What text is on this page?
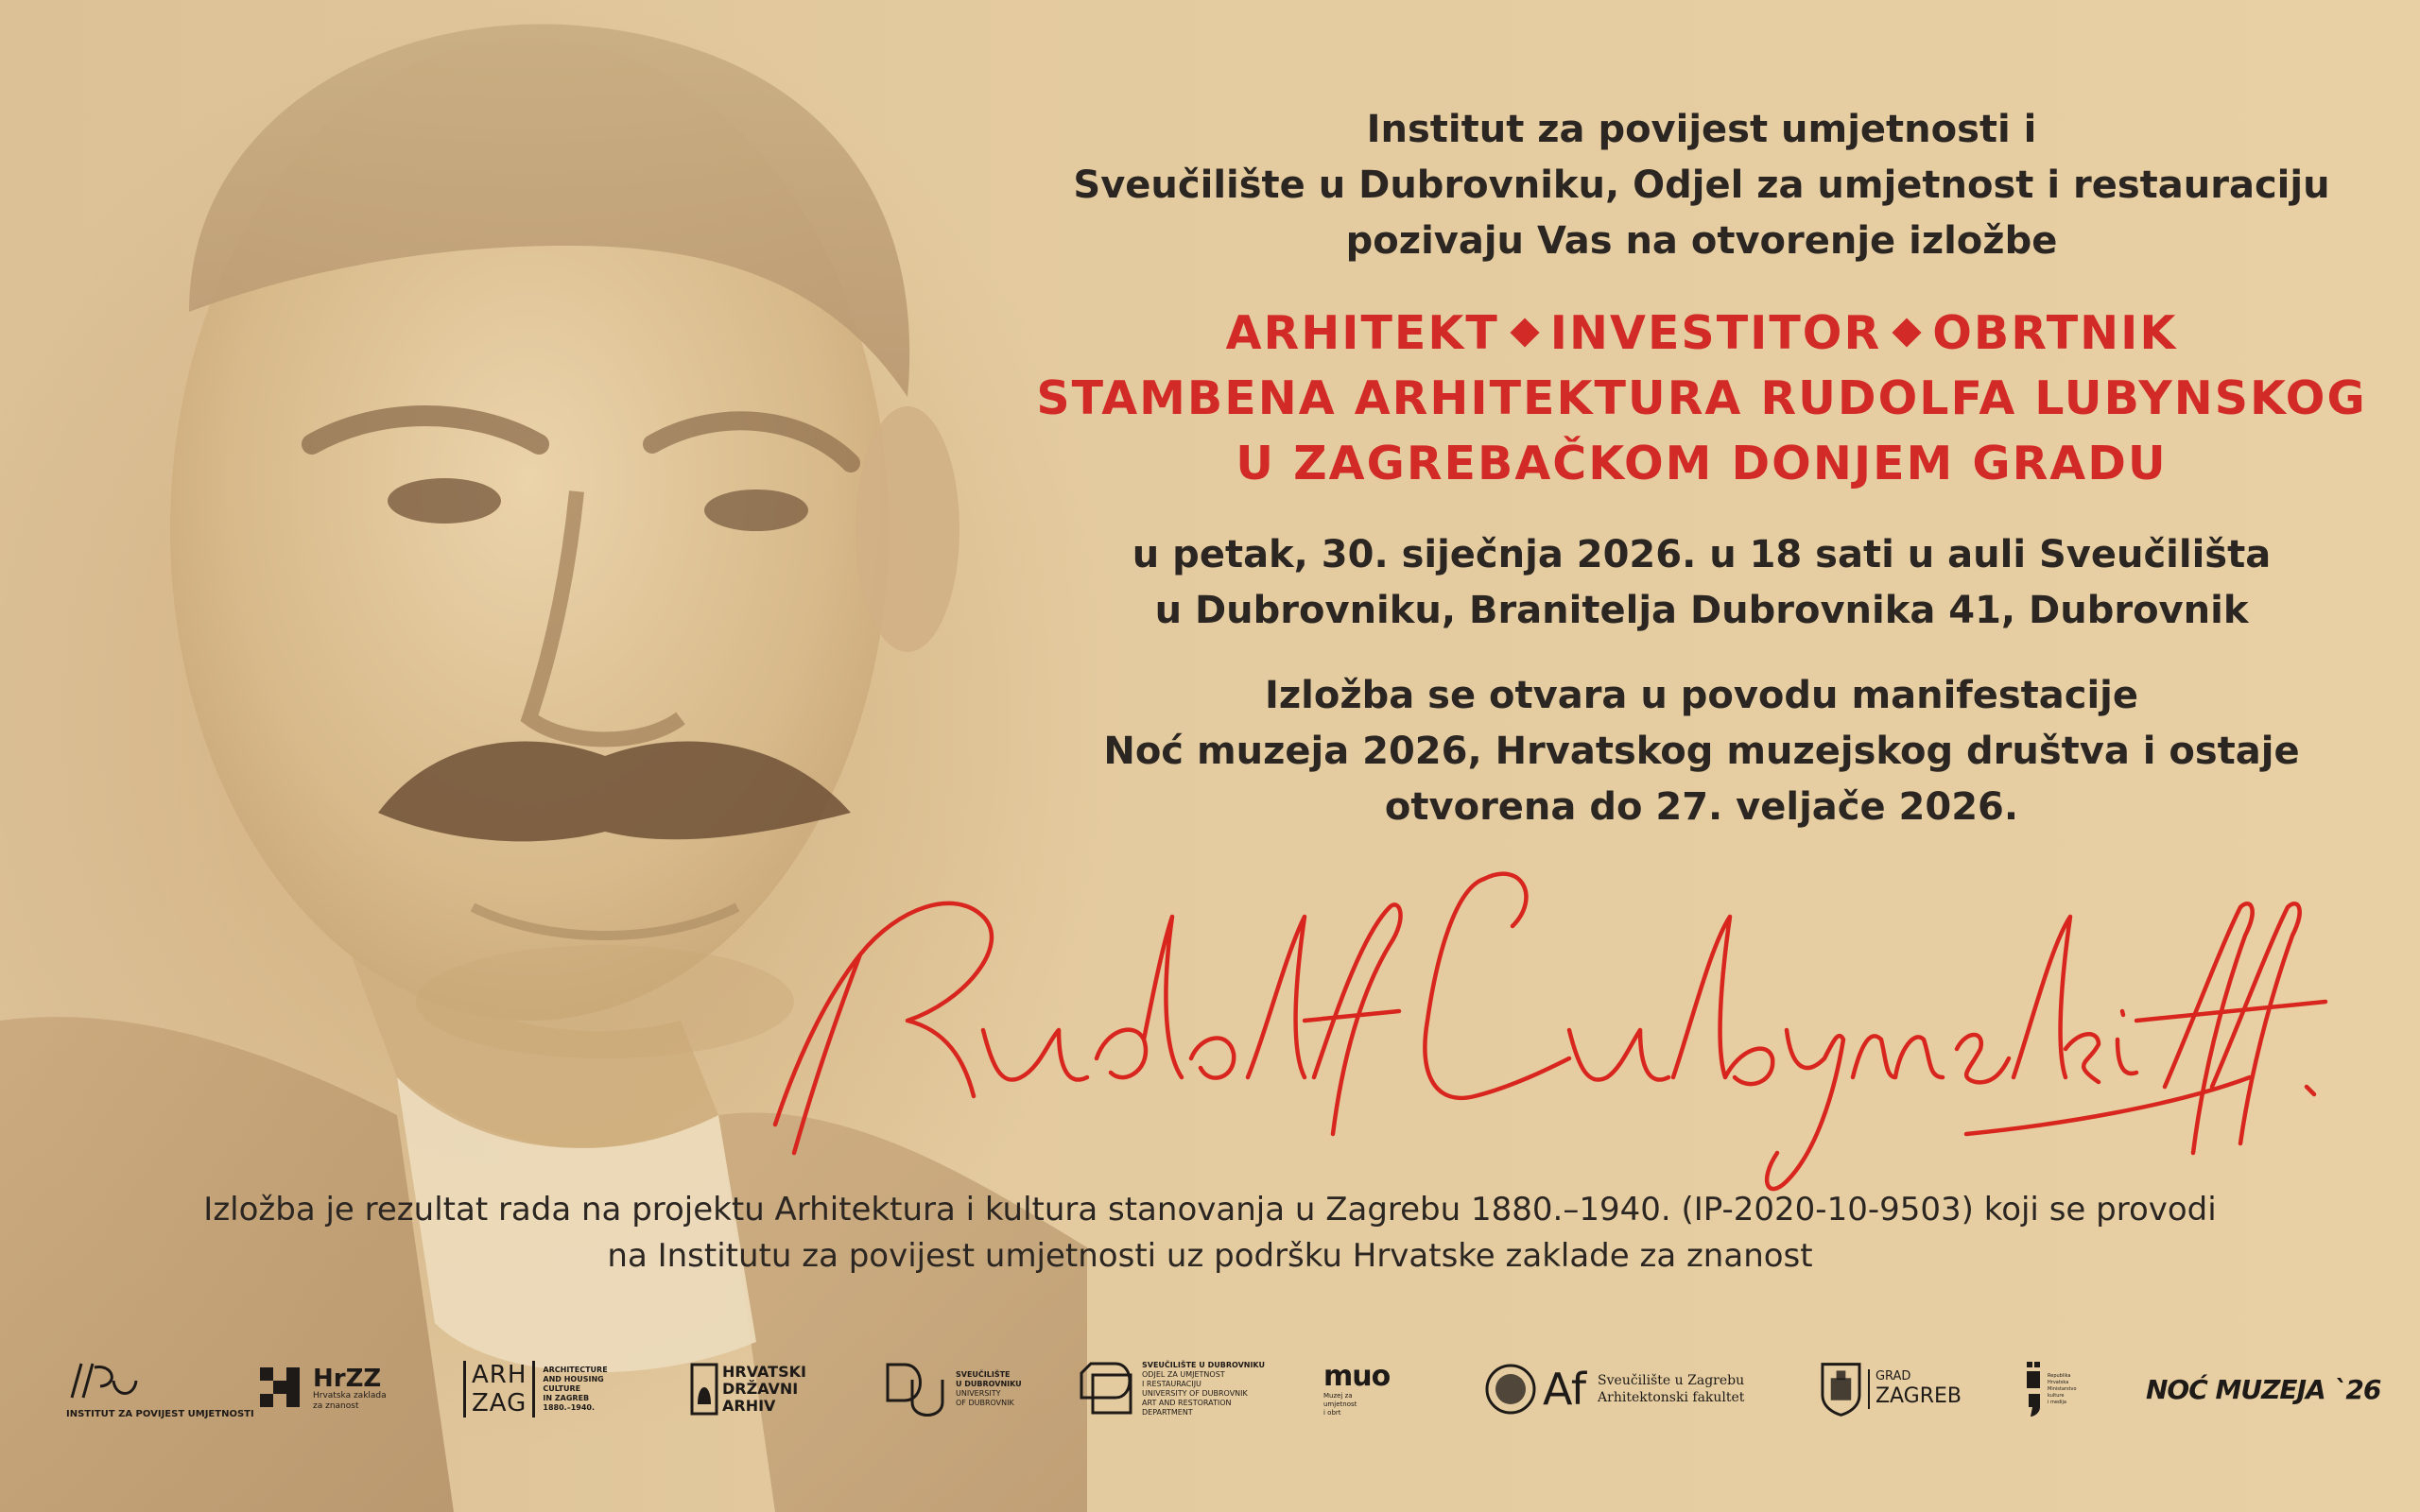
Institut za povijest umjetnosti i
Sveučilište u Dubrovniku, Odjel za umjetnost i restauraciju
pozivaju Vas na otvorenje izložbe
ARHITEKT INVESTITOR OBRTNIK
STAMBENA ARHITEKTURA RUDOLFA LUBYNSKOG
U ZAGREBAČKOM DONJEM GRADU
u petak, 30. siječnja 2026. u 18 sati u auli Sveučilišta
u Dubrovniku, Branitelja Dubrovnika 41, Dubrovnik
Izložba se otvara u povodu manifestacije
Noć muzeja 2026, Hrvatskog muzejskog društva i ostaje
otvorena do 27. veljače 2026.
Izložba je rezultat rada na projektu Arhitektura i kultura stanovanja u Zagrebu 1880.–1940. (IP-2020-10-9503) koji se provodi
na Institutu za povijest umjetnosti uz podršku Hrvatske zaklade za znanost
INSTITUT ZA POVIJEST UMJETNOSTI
HrZZ
Hrvatska zaklada
za znanost
ARH
ZAG
ARCHITECTURE
AND HOUSING
CULTURE
IN ZAGREB
1880.–1940.
HRVATSKI
DRŽAVNI
ARHIV
SVEUČILIŠTE
U DUBROVNIKU
UNIVERSITY
OF DUBROVNIK
SVEUČILIŠTE U DUBROVNIKU
ODJEL ZA UMJETNOST
I RESTAURACIJU
UNIVERSITY OF DUBROVNIK
ART AND RESTORATION
DEPARTMENT
muo
Muzej za
umjetnost
i obrt	Af Sveučilište u Zagrebu
Arhitektonski fakultet
GRAD
ZAGREB
Republika
Hrvatska
Ministarstvo
kulture
i medija	NOĆ MUZEJA `26
